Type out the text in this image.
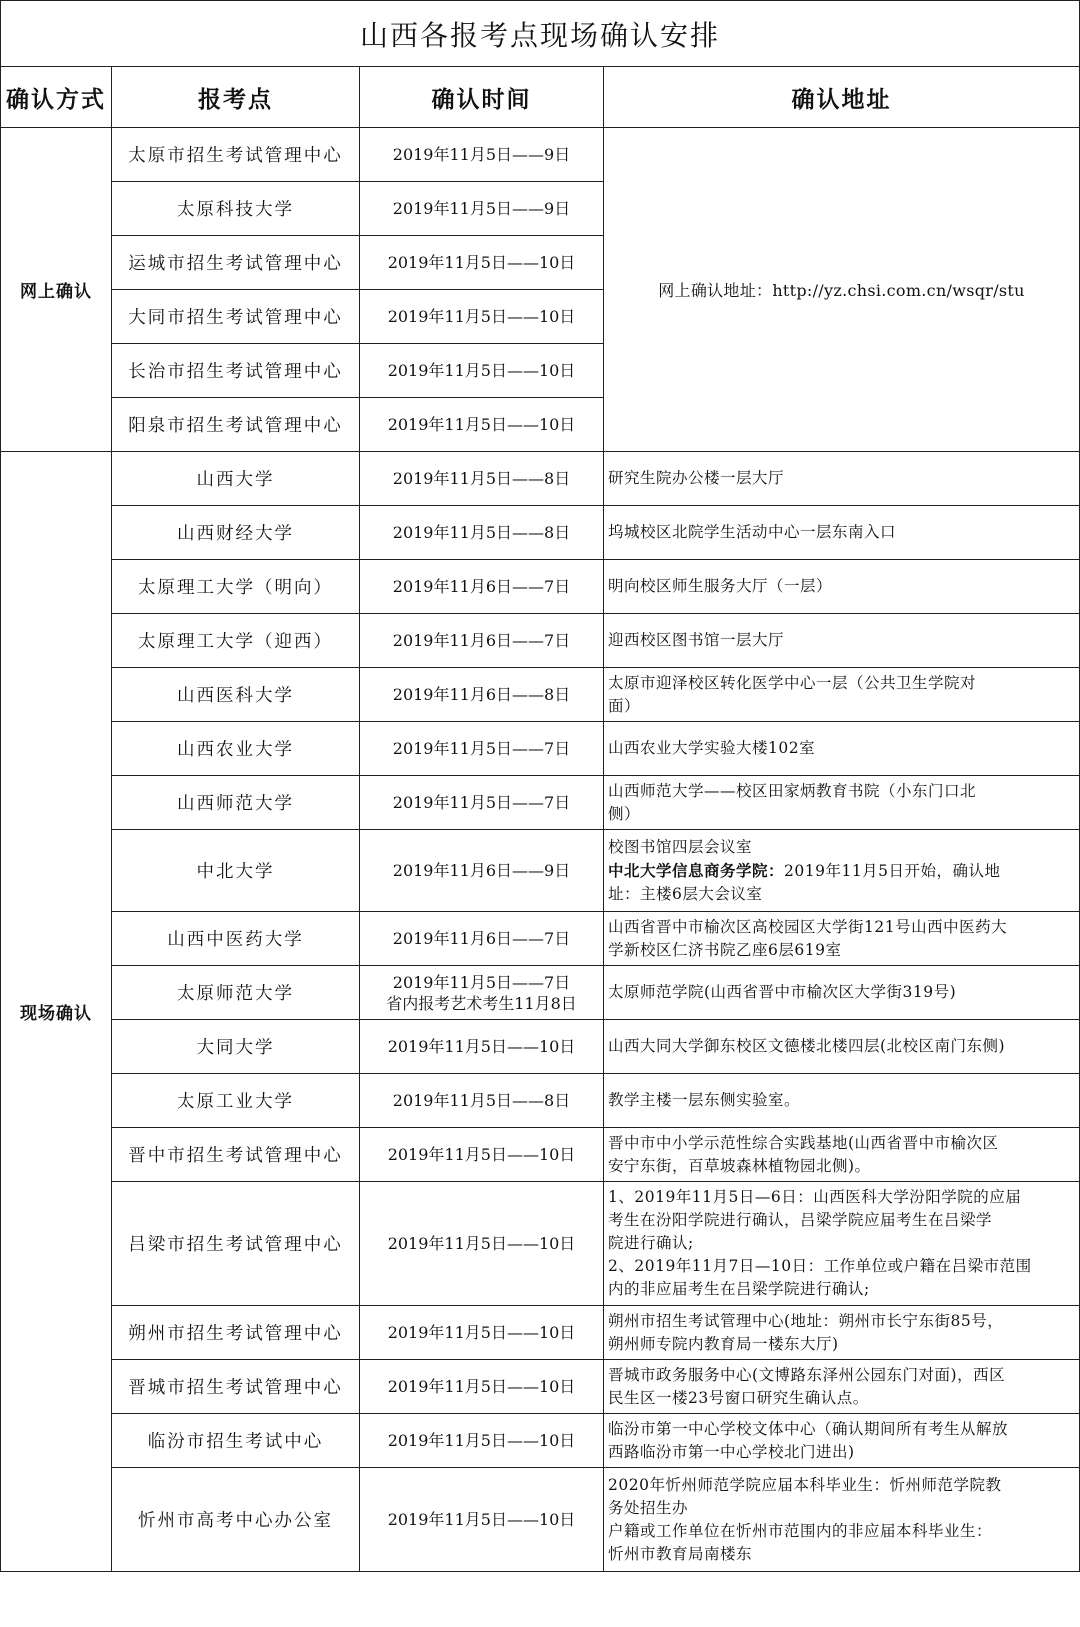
山西各报考点现场确认安排			
确认方式	报考点	确认时间	确认地址
网上确认	太原市招生考试管理中心	2019年11月5日——9日	网上确认地址：http://yz.chsi.com.cn/wsqr/stu
	太原科技大学	2019年11月5日——9日	
	运城市招生考试管理中心	2019年11月5日——10日	
	大同市招生考试管理中心	2019年11月5日——10日	
	长治市招生考试管理中心	2019年11月5日——10日	
	阳泉市招生考试管理中心	2019年11月5日——10日	
现场确认	山西大学	2019年11月5日——8日	研究生院办公楼一层大厅

	山西财经大学	2019年11月5日——8日	坞城校区北院学生活动中心一层东南入口

	太原理工大学（明向）	2019年11月6日——7日	明向校区师生服务大厅（一层）

	太原理工大学（迎西）	2019年11月6日——7日	迎西校区图书馆一层大厅

	山西医科大学	2019年11月6日——8日	太原市迎泽校区转化医学中心一层（公共卫生学院对
面）

	山西农业大学	2019年11月5日——7日	山西农业大学实验大楼102室

	山西师范大学	2019年11月5日——7日	山西师范大学——校区田家炳教育书院（小东门口北
侧）

	中北大学	2019年11月6日——9日	校图书馆四层会议室
中北大学信息商务学院：2019年11月5日开始，确认地
址：主楼6层大会议室

	山西中医药大学	2019年11月6日——7日	山西省晋中市榆次区高校园区大学街121号山西中医药大
学新校区仁济书院乙座6层619室

	太原师范大学	2019年11月5日——7日
省内报考艺术考生11月8日	太原师范学院(山西省晋中市榆次区大学街319号)

	大同大学	2019年11月5日——10日	山西大同大学御东校区文德楼北楼四层(北校区南门东侧)

	太原工业大学	2019年11月5日——8日	教学主楼一层东侧实验室。

	晋中市招生考试管理中心	2019年11月5日——10日	晋中市中小学示范性综合实践基地(山西省晋中市榆次区
安宁东街，百草坡森林植物园北侧)。

	吕梁市招生考试管理中心	2019年11月5日——10日	1、2019年11月5日—6日：山西医科大学汾阳学院的应届
考生在汾阳学院进行确认，吕梁学院应届考生在吕梁学
院进行确认;
2、2019年11月7日—10日：工作单位或户籍在吕梁市范围
内的非应届考生在吕梁学院进行确认;

	朔州市招生考试管理中心	2019年11月5日——10日	朔州市招生考试管理中心(地址：朔州市长宁东街85号，
朔州师专院内教育局一楼东大厅)

	晋城市招生考试管理中心	2019年11月5日——10日	晋城市政务服务中心(文博路东泽州公园东门对面)，西区
民生区一楼23号窗口研究生确认点。

	临汾市招生考试中心	2019年11月5日——10日	临汾市第一中心学校文体中心（确认期间所有考生从解放
西路临汾市第一中心学校北门进出)

	忻州市高考中心办公室	2019年11月5日——10日	2020年忻州师范学院应届本科毕业生：忻州师范学院教
务处招生办
户籍或工作单位在忻州市范围内的非应届本科毕业生：
忻州市教育局南楼东
